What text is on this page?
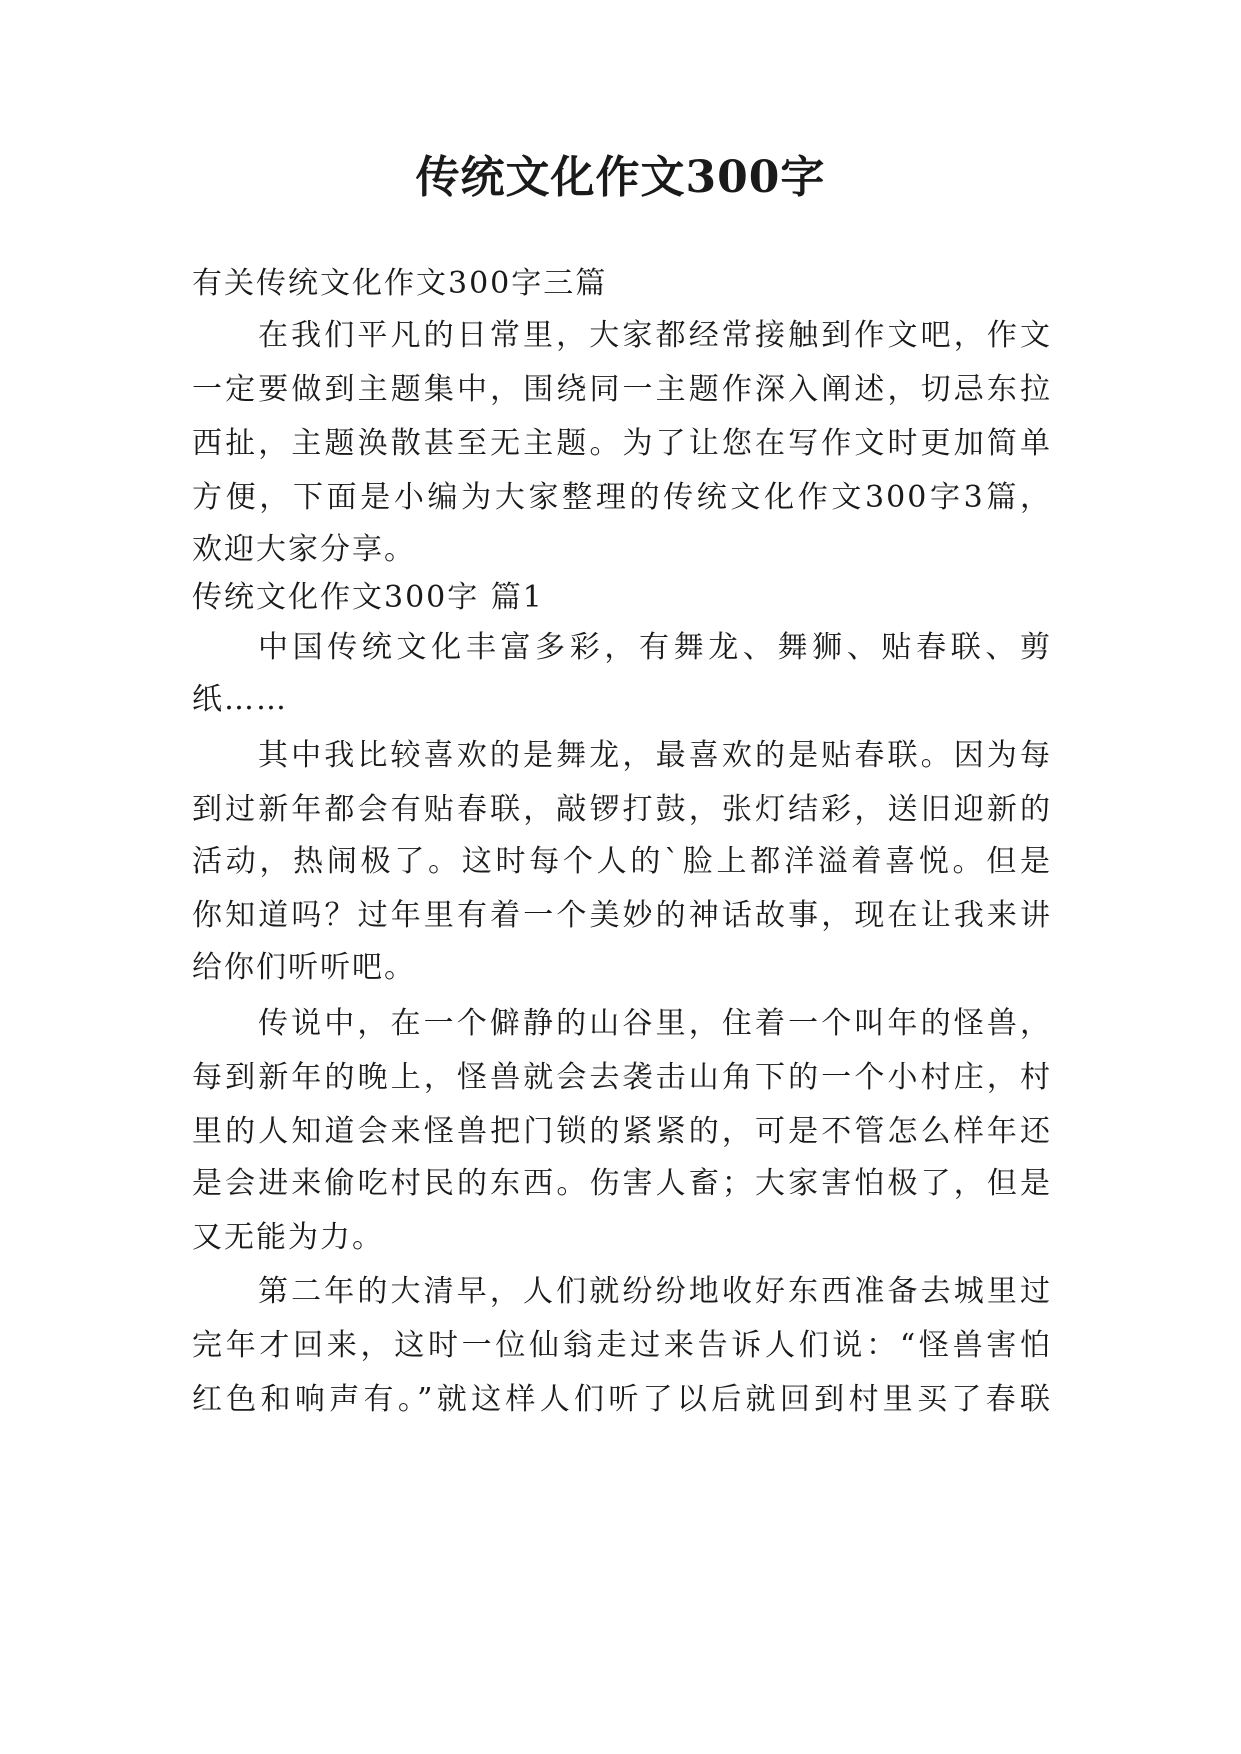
传统文化作文300字
有关传统文化作文300字三篇
在我们平凡的日常里，大家都经常接触到作文吧，作文
一定要做到主题集中，围绕同一主题作深入阐述，切忌东拉
西扯，主题涣散甚至无主题。为了让您在写作文时更加简单
方便，下面是小编为大家整理的传统文化作文300字3篇，
欢迎大家分享。
传统文化作文300字 篇1
中国传统文化丰富多彩，有舞龙、舞狮、贴春联、剪
纸……
其中我比较喜欢的是舞龙，最喜欢的是贴春联。因为每
到过新年都会有贴春联，敲锣打鼓，张灯结彩，送旧迎新的
活动，热闹极了。这时每个人的`脸上都洋溢着喜悦。但是
你知道吗？过年里有着一个美妙的神话故事，现在让我来讲
给你们听听吧。
传说中，在一个僻静的山谷里，住着一个叫年的怪兽，
每到新年的晚上，怪兽就会去袭击山角下的一个小村庄，村
里的人知道会来怪兽把门锁的紧紧的，可是不管怎么样年还
是会进来偷吃村民的东西。伤害人畜；大家害怕极了，但是
又无能为力。
第二年的大清早，人们就纷纷地收好东西准备去城里过
完年才回来，这时一位仙翁走过来告诉人们说：“怪兽害怕
红色和响声有。”就这样人们听了以后就回到村里买了春联
